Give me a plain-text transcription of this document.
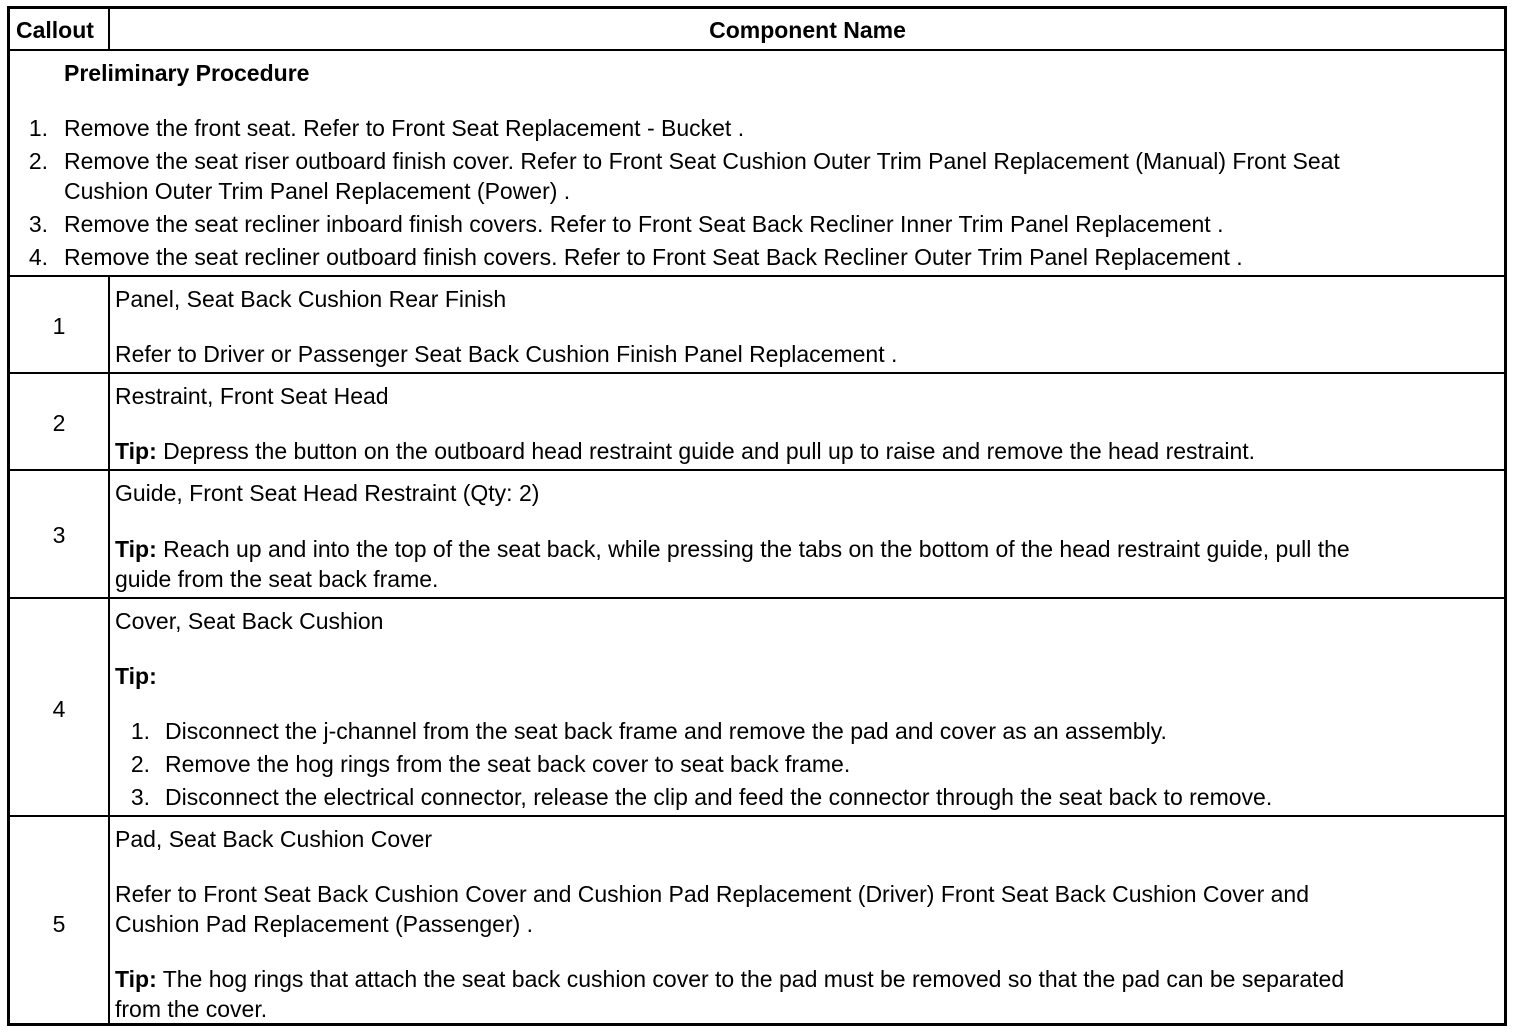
Callout	Component Name
Preliminary Procedure
1. Remove the front seat. Refer to Front Seat Replacement - Bucket .
2. Remove the seat riser outboard finish cover. Refer to Front Seat Cushion Outer Trim Panel Replacement (Manual) Front Seat
Cushion Outer Trim Panel Replacement (Power) .
3. Remove the seat recliner inboard finish covers. Refer to Front Seat Back Recliner Inner Trim Panel Replacement .
4. Remove the seat recliner outboard finish covers. Refer to Front Seat Back Recliner Outer Trim Panel Replacement .
1
Panel, Seat Back Cushion Rear Finish
Refer to Driver or Passenger Seat Back Cushion Finish Panel Replacement .
2
Restraint, Front Seat Head
Tip: Depress the button on the outboard head restraint guide and pull up to raise and remove the head restraint.
3
Guide, Front Seat Head Restraint (Qty: 2)
Tip: Reach up and into the top of the seat back, while pressing the tabs on the bottom of the head restraint guide, pull the
guide from the seat back frame.
4
Cover, Seat Back Cushion
Tip:
1. Disconnect the j-channel from the seat back frame and remove the pad and cover as an assembly.
2. Remove the hog rings from the seat back cover to seat back frame.
3. Disconnect the electrical connector, release the clip and feed the connector through the seat back to remove.
5
Pad, Seat Back Cushion Cover
Refer to Front Seat Back Cushion Cover and Cushion Pad Replacement (Driver) Front Seat Back Cushion Cover and
Cushion Pad Replacement (Passenger) .
Tip: The hog rings that attach the seat back cushion cover to the pad must be removed so that the pad can be separated
from the cover.
